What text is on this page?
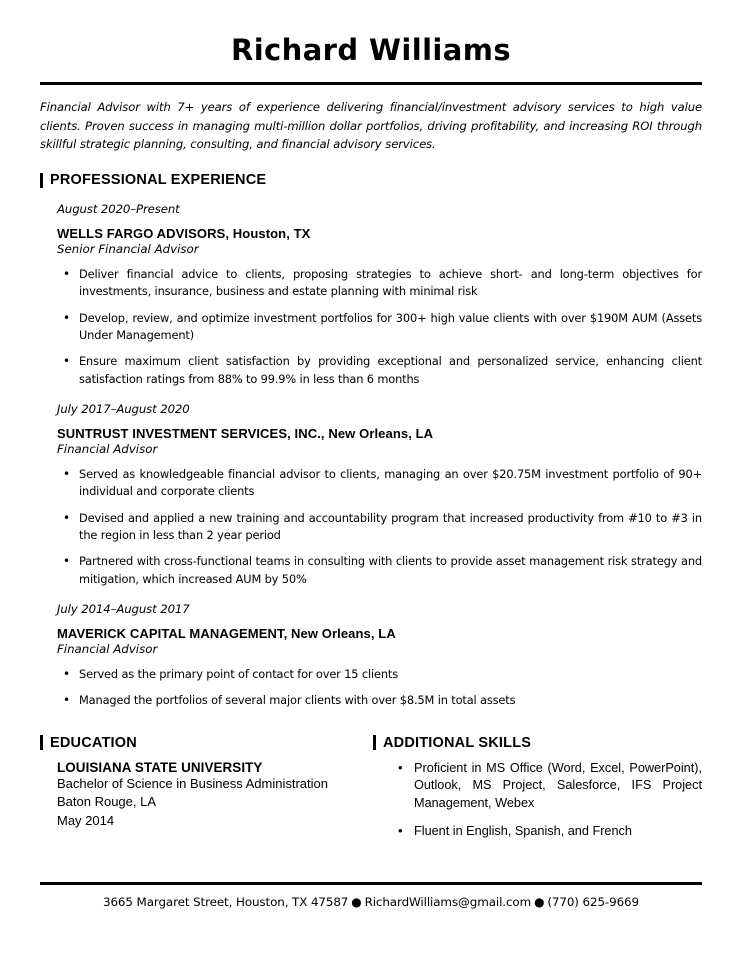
Richard Williams
Financial Advisor with 7+ years of experience delivering financial/investment advisory services to high value clients. Proven success in managing multi-million dollar portfolios, driving profitability, and increasing ROI through skillful strategic planning, consulting, and financial advisory services.
PROFESSIONAL EXPERIENCE
August 2020–Present
WELLS FARGO ADVISORS, Houston, TX
Senior Financial Advisor
• Deliver financial advice to clients, proposing strategies to achieve short- and long-term objectives for investments, insurance, business and estate planning with minimal risk
• Develop, review, and optimize investment portfolios for 300+ high value clients with over $190M AUM (Assets Under Management)
• Ensure maximum client satisfaction by providing exceptional and personalized service, enhancing client satisfaction ratings from 88% to 99.9% in less than 6 months
July 2017–August 2020
SUNTRUST INVESTMENT SERVICES, INC., New Orleans, LA
Financial Advisor
• Served as knowledgeable financial advisor to clients, managing an over $20.75M investment portfolio of 90+ individual and corporate clients
• Devised and applied a new training and accountability program that increased productivity from #10 to #3 in the region in less than 2 year period
• Partnered with cross-functional teams in consulting with clients to provide asset management risk strategy and mitigation, which increased AUM by 50%
July 2014–August 2017
MAVERICK CAPITAL MANAGEMENT, New Orleans, LA
Financial Advisor
• Served as the primary point of contact for over 15 clients
• Managed the portfolios of several major clients with over $8.5M in total assets
EDUCATION
LOUISIANA STATE UNIVERSITY
Bachelor of Science in Business Administration
Baton Rouge, LA
May 2014
ADDITIONAL SKILLS
• Proficient in MS Office (Word, Excel, PowerPoint), Outlook, MS Project, Salesforce, IFS Project Management, Webex
• Fluent in English, Spanish, and French
3665 Margaret Street, Houston, TX 47587 ● RichardWilliams@gmail.com ● (770) 625-9669
